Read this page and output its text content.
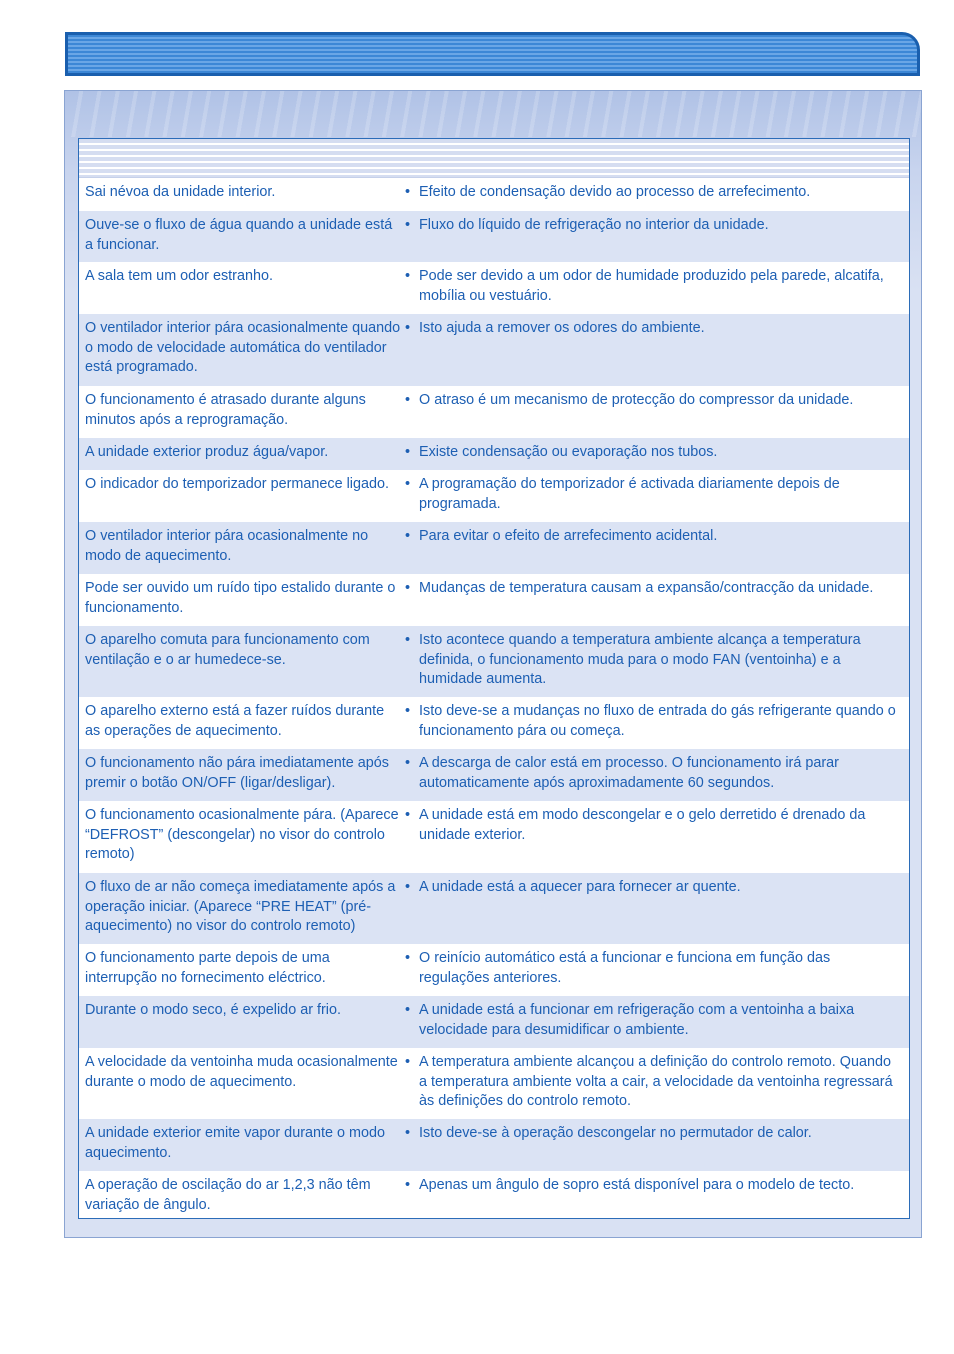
Sai névoa da unidade interior.	• Efeito de condensação devido ao processo de arrefecimento.
Ouve-se o fluxo de água quando a unidade está a funcionar.
• Fluxo do líquido de refrigeração no interior da unidade.
A sala tem um odor estranho.	• Pode ser devido a um odor de humidade produzido pela parede, alcatifa, mobília ou vestuário.
O ventilador interior pára ocasionalmente quando o modo de velocidade automática do ventilador está programado.
• Isto ajuda a remover os odores do ambiente.
O funcionamento é atrasado durante alguns minutos após a reprogramação.
• O atraso é um mecanismo de protecção do compressor da unidade.
A unidade exterior produz água/vapor.	• Existe condensação ou evaporação nos tubos.
O indicador do temporizador permanece ligado.	• A programação do temporizador é activada diariamente depois de programada.
O ventilador interior pára ocasionalmente no modo de aquecimento.
• Para evitar o efeito de arrefecimento acidental.
Pode ser ouvido um ruído tipo estalido durante o funcionamento.
• Mudanças de temperatura causam a expansão/contracção da unidade.
O aparelho comuta para funcionamento com ventilação e o ar humedece-se.
• Isto acontece quando a temperatura ambiente alcança a temperatura definida, o funcionamento muda para o modo FAN (ventoinha) e a humidade aumenta.
O aparelho externo está a fazer ruídos durante as operações de aquecimento.
• Isto deve-se a mudanças no fluxo de entrada do gás refrigerante quando o funcionamento pára ou começa.
O funcionamento não pára imediatamente após premir o botão ON/OFF (ligar/desligar).
• A descarga de calor está em processo. O funcionamento irá parar automaticamente após aproximadamente 60 segundos.
O funcionamento ocasionalmente pára. (Aparece “DEFROST” (descongelar) no visor do controlo remoto)
• A unidade está em modo descongelar e o gelo derretido é drenado da unidade exterior.
O fluxo de ar não começa imediatamente após a operação iniciar. (Aparece “PRE HEAT” (pré-aquecimento) no visor do controlo remoto)
• A unidade está a aquecer para fornecer ar quente.
O funcionamento parte depois de uma interrupção no fornecimento eléctrico.
• O reinício automático está a funcionar e funciona em função das regulações anteriores.
Durante o modo seco, é expelido ar frio.	• A unidade está a funcionar em refrigeração com a ventoinha a baixa velocidade para desumidificar o ambiente.
A velocidade da ventoinha muda ocasionalmente durante o modo de aquecimento.
• A temperatura ambiente alcançou a definição do controlo remoto. Quando a temperatura ambiente volta a cair, a velocidade da ventoinha regressará às definições do controlo remoto.
A unidade exterior emite vapor durante o modo aquecimento.
• Isto deve-se à operação descongelar no permutador de calor.
A operação de oscilação do ar 1,2,3 não têm variação de ângulo.
• Apenas um ângulo de sopro está disponível para o modelo de tecto.
